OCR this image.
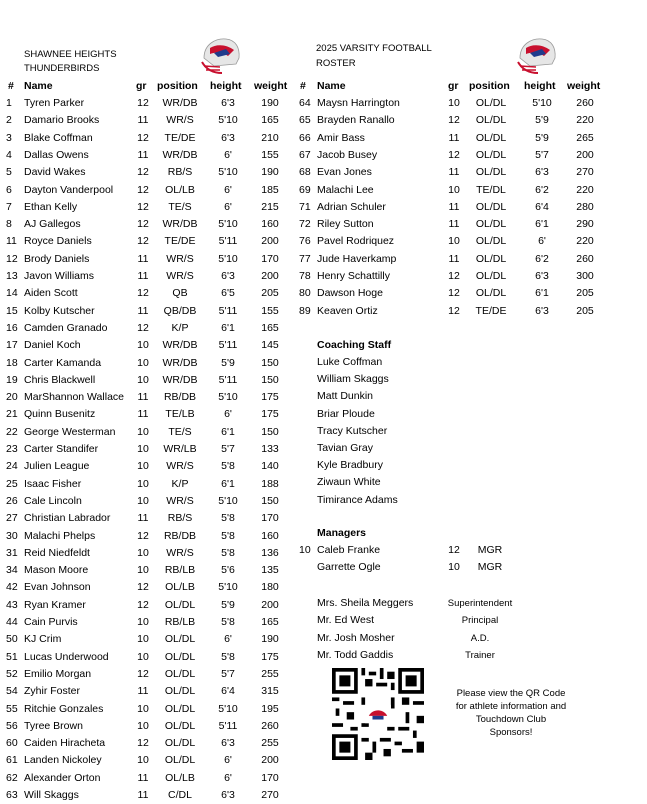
SHAWNEE HEIGHTS
THUNDERBIRDS
2025 VARSITY FOOTBALL
ROSTER
# Name	gr position height weight # Name	gr position height weight
1 Tyren Parker	12	WR/DB	6'3	190
2 Damario Brooks	11	WR/S	5'10	165
3 Blake Coffman	12	TE/DE	6'3	210
4 Dallas Owens	11	WR/DB	6'	155
5 David Wakes	12	RB/S	5'10	190
6 Dayton Vanderpool	12	OL/LB	6'	185
7 Ethan Kelly	12	TE/S	6'	215
8 AJ Gallegos	12	WR/DB	5'10	160
11 Royce Daniels	12	TE/DE	5'11	200
12 Brody Daniels	11	WR/S	5'10	170
13 Javon Williams	11	WR/S	6'3	200
14 Aiden Scott	12	QB	6'5	205
15 Kolby Kutscher	11	QB/DB	5'11	155
16 Camden Granado	12	K/P	6'1	165
17 Daniel Koch	10	WR/DB	5'11	145
18 Carter Kamanda	10	WR/DB	5'9	150
19 Chris Blackwell	10	WR/DB	5'11	150
20 MarShannon Wallace	11	RB/DB	5'10	175
21 Quinn Busenitz	11	TE/LB	6'	175
22 George Westerman	10	TE/S	6'1	150
23 Carter Standifer	10	WR/LB	5'7	133
24 Julien League	10	WR/S	5'8	140
25 Isaac Fisher	10	K/P	6'1	188
26 Cale Lincoln	10	WR/S	5'10	150
27 Christian Labrador	11	RB/S	5'8	170
30 Malachi Phelps	12	RB/DB	5'8	160
31 Reid Niedfeldt	10	WR/S	5'8	136
34 Mason Moore	10	RB/LB	5'6	135
42 Evan Johnson	12	OL/LB	5'10	180
43 Ryan Kramer	12	OL/DL	5'9	200
44 Cain Purvis	10	RB/LB	5'8	165
50 KJ Crim	10	OL/DL	6'	190
51 Lucas Underwood	10	OL/DL	5'8	175
52 Emilio Morgan	12	OL/DL	5'7	255
54 Zyhir Foster	11	OL/DL	6'4	315
55 Ritchie Gonzales	10	OL/DL	5'10	195
56 Tyree Brown	10	OL/DL	5'11	260
60 Caiden Hiracheta	12	OL/DL	6'3	255
61 Landen Nickoley	10	OL/DL	6'	200
62 Alexander Orton	11	OL/LB	6'	170
63 Will Skaggs	11	C/DL	6'3	270
64 Maysn Harrington	10	OL/DL	5'10	260
65 Brayden Ranallo	12	OL/DL	5'9	220
66 Amir Bass	11	OL/DL	5'9	265
67 Jacob Busey	12	OL/DL	5'7	200
68 Evan Jones	11	OL/DL	6'3	270
69 Malachi Lee	10	TE/DL	6'2	220
71 Adrian Schuler	11	OL/DL	6'4	280
72 Riley Sutton	11	OL/DL	6'1	290
76 Pavel Rodriquez	10	OL/DL	6'	220
77 Jude Haverkamp	11	OL/DL	6'2	260
78 Henry Schattilly	12	OL/DL	6'3	300
80 Dawson Hoge	12	OL/DL	6'1	205
89 Keaven Ortiz	12	TE/DE	6'3	205
Coaching Staff
Luke Coffman
William Skaggs
Matt Dunkin
Briar Ploude
Tracy Kutscher
Tavian Gray
Kyle Bradbury
Ziwaun White
Timirance Adams
Managers
10 Caleb Franke	12	MGR
Garrette Ogle	10	MGR
Mrs. Sheila Meggers	Superintendent
Mr. Ed West	Principal
Mr. Josh Mosher	A.D.
Mr. Todd Gaddis	Trainer
Please view the QR Code
for athlete information and
Touchdown Club
Sponsors!
